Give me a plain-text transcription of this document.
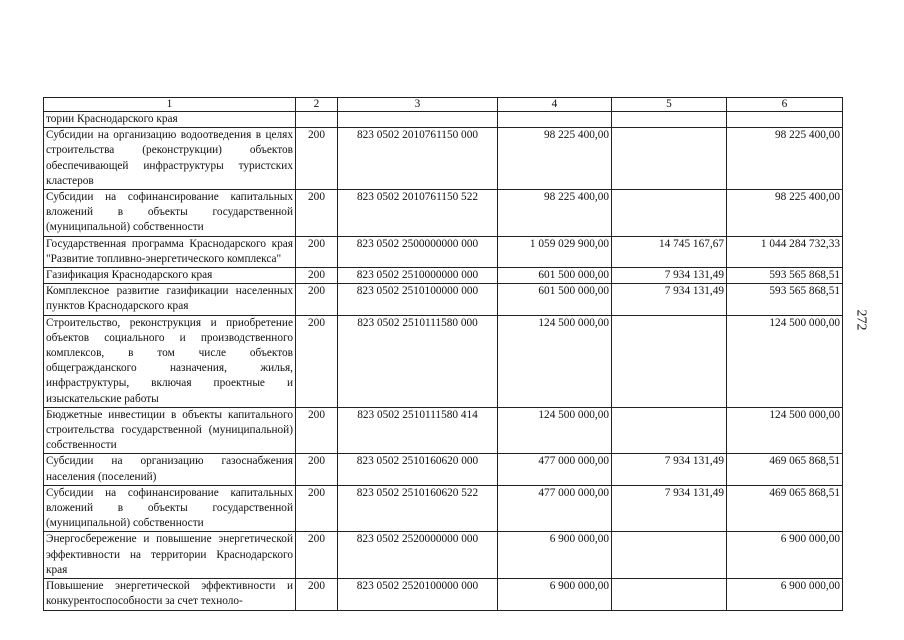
1	2	3	4	5	6
тории Краснодарского края					
Субсидии на организацию водоотведения в целях строительства (реконструкции) объектов обеспечивающей инфраструктуры туристских кластеров	200	823 0502 2010761150 000	98 225 400,00		98 225 400,00
Субсидии на софинансирование капитальных вложений в объекты государственной (муниципальной) собственности	200	823 0502 2010761150 522	98 225 400,00		98 225 400,00
Государственная программа Краснодарского края "Развитие топливно-энергетического комплекса"	200	823 0502 2500000000 000	1 059 029 900,00	14 745 167,67	1 044 284 732,33
Газификация Краснодарского края	200	823 0502 2510000000 000	601 500 000,00	7 934 131,49	593 565 868,51
Комплексное развитие газификации населенных пунктов Краснодарского края	200	823 0502 2510100000 000	601 500 000,00	7 934 131,49	593 565 868,51
Строительство, реконструкция и приобретение объектов социального и производственного комплексов, в том числе объектов общегражданского назначения, жилья, инфраструктуры, включая проектные и изыскательские работы	200	823 0502 2510111580 000	124 500 000,00		124 500 000,00
Бюджетные инвестиции в объекты капитального строительства государственной (муниципальной) собственности	200	823 0502 2510111580 414	124 500 000,00		124 500 000,00
Субсидии на организацию газоснабжения населения (поселений)	200	823 0502 2510160620 000	477 000 000,00	7 934 131,49	469 065 868,51
Субсидии на софинансирование капитальных вложений в объекты государственной (муниципальной) собственности	200	823 0502 2510160620 522	477 000 000,00	7 934 131,49	469 065 868,51
Энергосбережение и повышение энергетической эффективности на территории Краснодарского края	200	823 0502 2520000000 000	6 900 000,00		6 900 000,00
Повышение энергетической эффективности и конкурентоспособности за счет техноло-	200	823 0502 2520100000 000	6 900 000,00		6 900 000,00
272
